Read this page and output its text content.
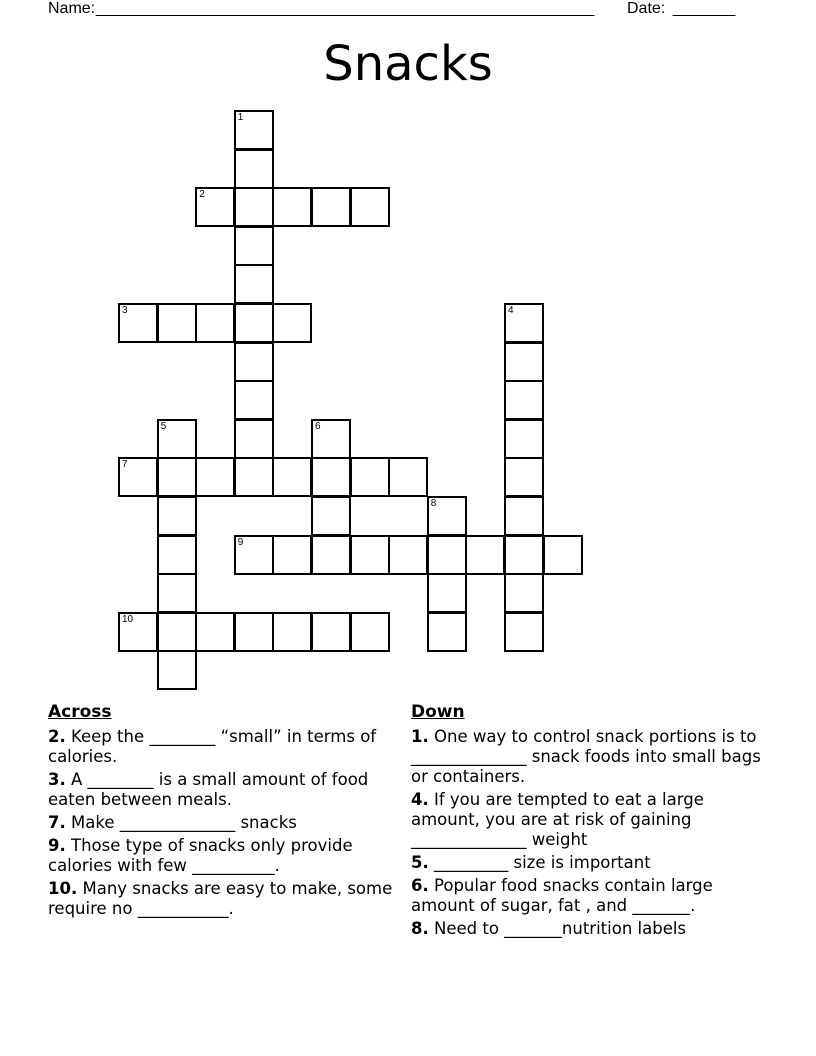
Name: ________________________________________________________ Date: _______
Snacks
1
2
3	4
5	6
7
8
9
10
Across
2. Keep the ________ “small” in terms of calories.
3. A ________ is a small amount of food eaten between meals.
7. Make ______________ snacks
9. Those type of snacks only provide calories with few __________.
10. Many snacks are easy to make, some require no ___________.
Down
1. One way to control snack portions is to ______________ snack foods into small bags or containers.
4. If you are tempted to eat a large amount, you are at risk of gaining ______________ weight
5. _________ size is important
6. Popular food snacks contain large amount of sugar, fat , and _______.
8. Need to _______nutrition labels
